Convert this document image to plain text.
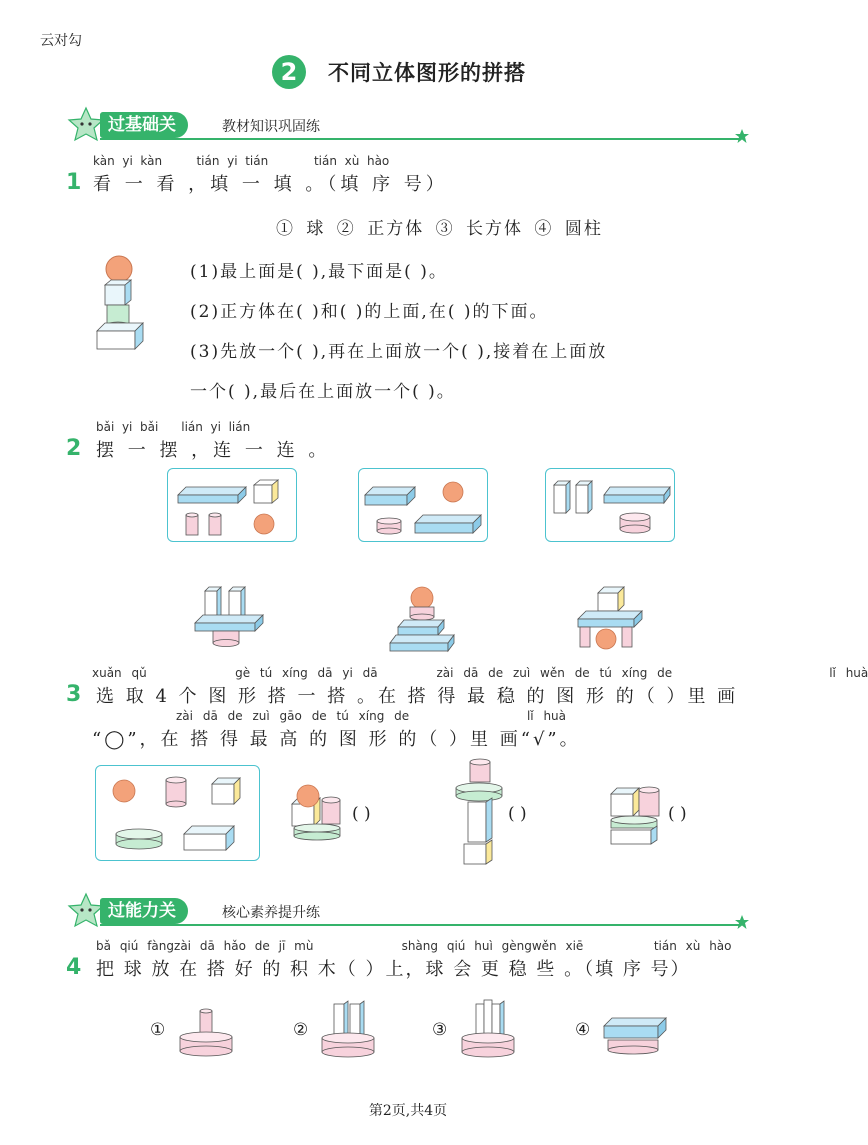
云对勾
2	不同立体图形的拼搭
过基础关	教材知识巩固练
1
kàn yi kàn	tián yi tián	tián xù hào
看 一 看 ，填 一 填 。（填 序 号）
① 球 ② 正方体 ③ 长方体 ④ 圆柱
(1)最上面是( ),最下面是( )。
(2)正方体在( )和( )的上面,在( )的下面。
(3)先放一个( ),再在上面放一个( ),接着在上面放
一个( ),最后在上面放一个( )。
2
bǎi yi bǎi lián yi lián
摆 一 摆 ，连 一 连 。
3
xuǎn qǔ	gè tú xíng dā yi dā	zài dā de zuì wěn de tú xíng de	lǐ huà
选 取 4 个 图 形 搭 一 搭 。在 搭 得 最 稳 的 图 形 的（ ）里 画
zài dā de zuì gāo de tú xíng de	lǐ huà
“◯”，在 搭 得 最 高 的 图 形 的（ ）里 画“√”。
( )	( )	( )
过能力关	核心素养提升练
4
bǎ qiú fàngzài dā hǎo de jī mù	shàng qiú huì gèngwěn xiē	tián xù hào
把 球 放 在 搭 好 的 积 木（ ）上，球 会 更 稳 些 。（填 序 号）
①	②	③	④
第2页,共4页
